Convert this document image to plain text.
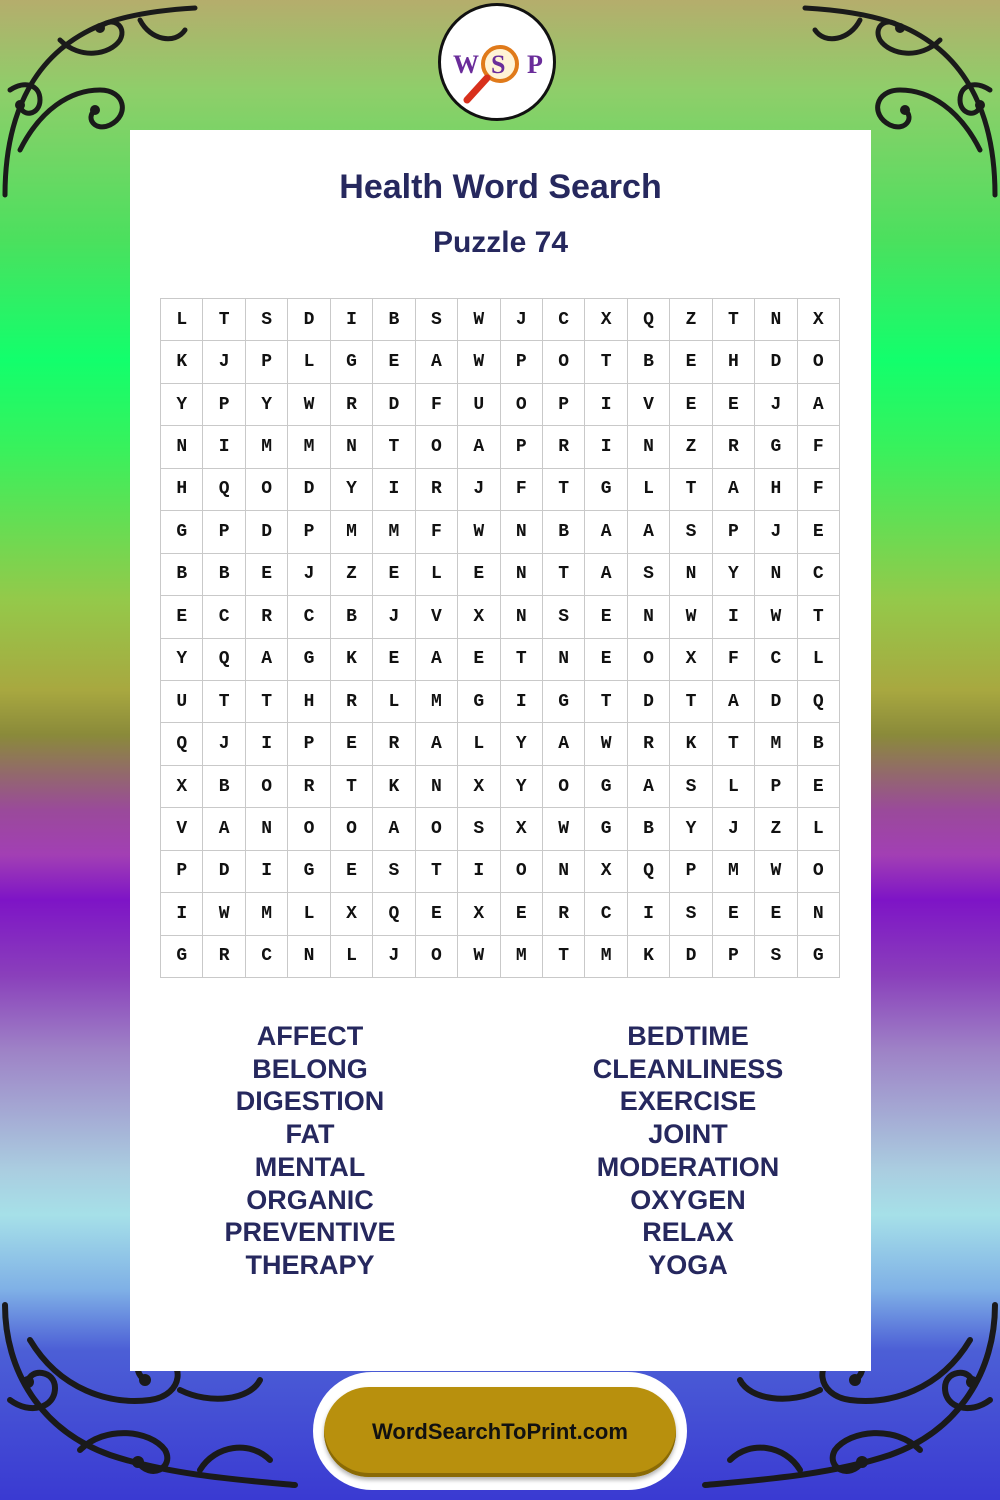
W S P
Health Word Search
Puzzle 74
L	T	S	D	I	B	S	W	J	C	X	Q	Z	T	N	X
K	J	P	L	G	E	A	W	P	O	T	B	E	H	D	O
Y	P	Y	W	R	D	F	U	O	P	I	V	E	E	J	A
N	I	M	M	N	T	O	A	P	R	I	N	Z	R	G	F
H	Q	O	D	Y	I	R	J	F	T	G	L	T	A	H	F
G	P	D	P	M	M	F	W	N	B	A	A	S	P	J	E
B	B	E	J	Z	E	L	E	N	T	A	S	N	Y	N	C
E	C	R	C	B	J	V	X	N	S	E	N	W	I	W	T
Y	Q	A	G	K	E	A	E	T	N	E	O	X	F	C	L
U	T	T	H	R	L	M	G	I	G	T	D	T	A	D	Q
Q	J	I	P	E	R	A	L	Y	A	W	R	K	T	M	B
X	B	O	R	T	K	N	X	Y	O	G	A	S	L	P	E
V	A	N	O	O	A	O	S	X	W	G	B	Y	J	Z	L
P	D	I	G	E	S	T	I	O	N	X	Q	P	M	W	O
I	W	M	L	X	Q	E	X	E	R	C	I	S	E	E	N
G	R	C	N	L	J	O	W	M	T	M	K	D	P	S	G
AFFECT
BELONG
DIGESTION
FAT
MENTAL
ORGANIC
PREVENTIVE
THERAPY
BEDTIME
CLEANLINESS
EXERCISE
JOINT
MODERATION
OXYGEN
RELAX
YOGA
WordSearchToPrint.com
